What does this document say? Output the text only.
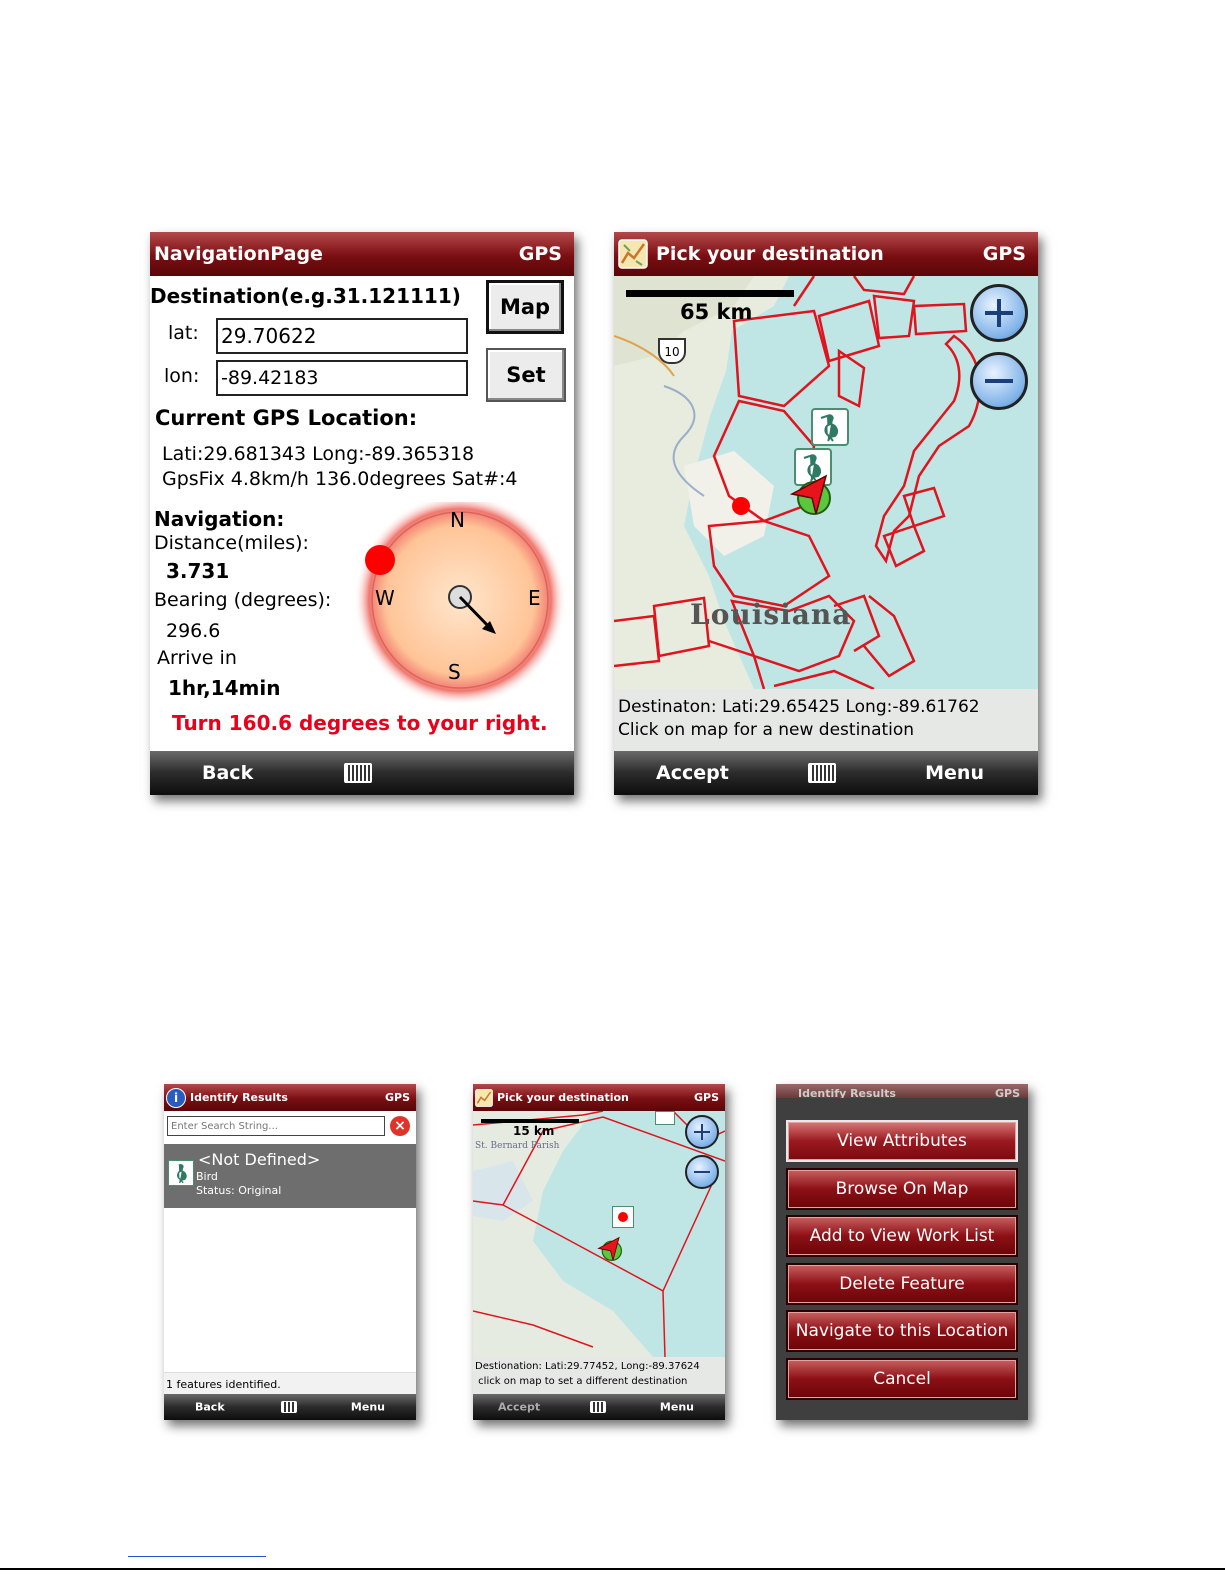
NavigationPage	GPS
Destination(e.g.31.121111)
lat: 29.70622
lon: -89.42183
Map
Set
Current GPS Location:
Lati:29.681343 Long:-89.365318
GpsFix 4.8km/h 136.0degrees Sat#:4
Navigation:
Distance(miles):
3.731
Bearing (degrees):
296.6
Arrive in
1hr,14min
Turn 160.6 degrees to your right.
N
E
S
W
Back
Pick your destination	GPS
65 km
10
Louisiana
Destinaton: Lati:29.65425 Long:-89.61762
Click on map for a new destination
Accept	Menu
i	Identify Results	GPS
Enter Search String...	×
<Not Defined>
Bird
Status: Original
1 features identified.
Back	Menu
Pick your destination	GPS
15 km
St. Bernard Parish
Destionation: Lati:29.77452, Long:-89.37624
click on map to set a different destination
Accept	Menu
Identify Results	GPS
View Attributes
Browse On Map
Add to View Work List
Delete Feature
Navigate to this Location
Cancel
